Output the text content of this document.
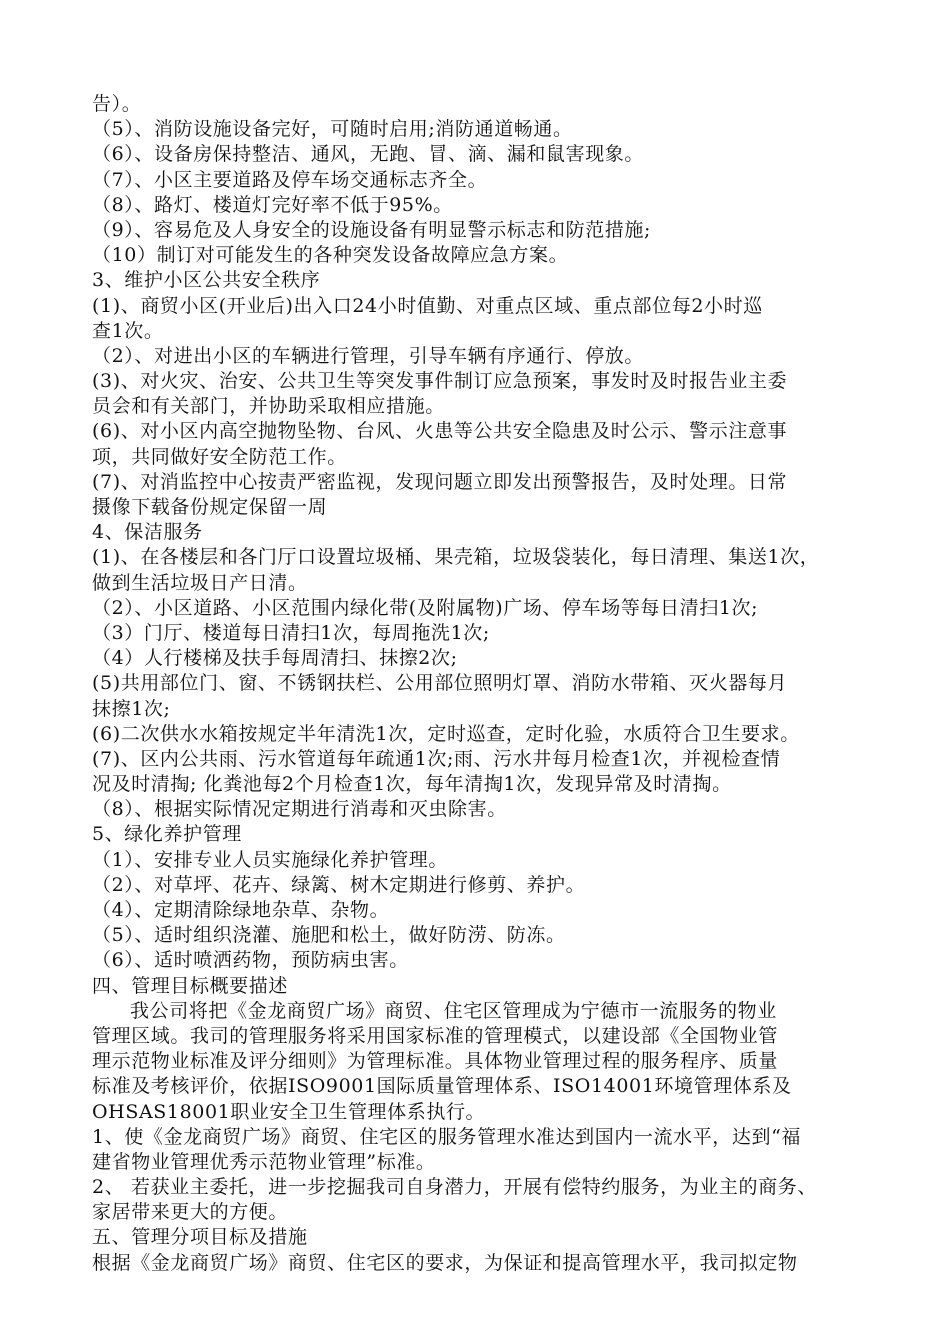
告）。
（5）、消防设施设备完好，可随时启用;消防通道畅通。
（6）、设备房保持整洁、通风，无跑、冒、滴、漏和鼠害现象。
（7）、小区主要道路及停车场交通标志齐全。
（8）、路灯、楼道灯完好率不低于95%。
（9）、容易危及人身安全的设施设备有明显警示标志和防范措施;
（10）制订对可能发生的各种突发设备故障应急方案。
3、维护小区公共安全秩序
(1)、商贸小区(开业后)出入口24小时值勤、对重点区域、重点部位每2小时巡
查1次。
（2）、对进出小区的车辆进行管理，引导车辆有序通行、停放。
(3)、对火灾、治安、公共卫生等突发事件制订应急预案，事发时及时报告业主委
员会和有关部门，并协助采取相应措施。
(6)、对小区内高空抛物坠物、台风、火患等公共安全隐患及时公示、警示注意事
项，共同做好安全防范工作。
(7)、对消监控中心按责严密监视，发现问题立即发出预警报告，及时处理。日常
摄像下载备份规定保留一周
4、保洁服务
(1)、在各楼层和各门厅口设置垃圾桶、果壳箱，垃圾袋装化，每日清理、集送1次，
做到生活垃圾日产日清。
（2）、小区道路、小区范围内绿化带(及附属物)广场、停车场等每日清扫1次;
（3）门厅、楼道每日清扫1次，每周拖洗1次;
（4）人行楼梯及扶手每周清扫、抹擦2次;
(5)共用部位门、窗、不锈钢扶栏、公用部位照明灯罩、消防水带箱、灭火器每月
抹擦1次;
(6)二次供水水箱按规定半年清洗1次，定时巡查，定时化验，水质符合卫生要求。
(7)、区内公共雨、污水管道每年疏通1次;雨、污水井每月检查1次，并视检查情
况及时清掏; 化粪池每2个月检查1次，每年清掏1次，发现异常及时清掏。
（8）、根据实际情况定期进行消毒和灭虫除害。
5、绿化养护管理
（1）、安排专业人员实施绿化养护管理。
（2）、对草坪、花卉、绿篱、树木定期进行修剪、养护。
（4）、定期清除绿地杂草、杂物。
（5）、适时组织浇灌、施肥和松土，做好防涝、防冻。
（6）、适时喷洒药物，预防病虫害。
四、管理目标概要描述
我公司将把《金龙商贸广场》商贸、住宅区管理成为宁德市一流服务的物业
管理区域。我司的管理服务将采用国家标准的管理模式，以建设部《全国物业管
理示范物业标准及评分细则》为管理标准。具体物业管理过程的服务程序、质量
标准及考核评价，依据ISO9001国际质量管理体系、ISO14001环境管理体系及
OHSAS18001职业安全卫生管理体系执行。
1、使《金龙商贸广场》商贸、住宅区的服务管理水准达到国内一流水平，达到“福
建省物业管理优秀示范物业管理”标准。
2、 若获业主委托，进一步挖掘我司自身潜力，开展有偿特约服务，为业主的商务、
家居带来更大的方便。
五、管理分项目标及措施
根据《金龙商贸广场》商贸、住宅区的要求，为保证和提高管理水平，我司拟定物
